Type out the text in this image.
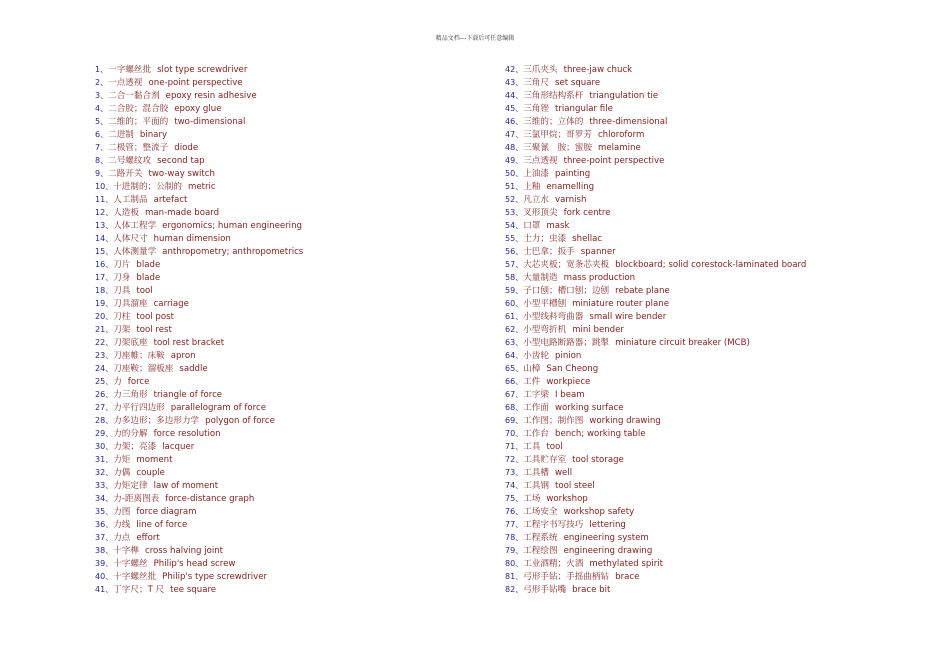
精品文档---下载后可任意编辑
1、一字螺丝批 slot type screwdriver
2、一点透视 one-point perspective
3、二合一黏合剂 epoxy resin adhesive
4、二合胶；混合胶 epoxy glue
5、二维的；平面的 two-dimensional
6、二进制 binary
7、二极管；整流子 diode
8、二号螺纹攻 second tap
9、二路开关 two-way switch
10、十进制的；公制的 metric
11、人工制品 artefact
12、人造板 man-made board
13、人体工程学 ergonomics; human engineering
14、人体尺寸 human dimension
15、人体测量学 anthropometry; anthropometrics
16、刀片 blade
17、刀身 blade
18、刀具 tool
19、刀具溜座 carriage
20、刀柱 tool post
21、刀架 tool rest
22、刀架底座 tool rest bracket
23、刀座帷；床鞍 apron
24、刀座鞍；溜板座 saddle
25、力 force
26、力三角形 triangle of force
27、力平行四边形 parallelogram of force
28、力多边形；多边形力学 polygon of force
29、力的分解 force resolution
30、力架；亮漆 lacquer
31、力矩 moment
32、力偶 couple
33、力矩定律 law of moment
34、力-距离图表 force-distance graph
35、力图 force diagram
36、力线 line of force
37、力点 effort
38、十字榫 cross halving joint
39、十字螺丝 Philip's head screw
40、十字螺丝批 Philip's type screwdriver
41、丁字尺；T 尺 tee square
42、三爪夹头 three-jaw chuck
43、三角尺 set square
44、三角形结构系杆 triangulation tie
45、三角锉 triangular file
46、三维的；立体的 three-dimensional
47、三氯甲烷；哥罗芳 chloroform
48、三聚氰　胺；蜜胺 melamine
49、三点透视 three-point perspective
50、上油漆 painting
51、上釉 enamelling
52、凡立水 varnish
53、叉形顶尖 fork centre
54、口罩 mask
55、士力；虫漆 shellac
56、士巴拿；扳手 spanner
57、大芯夹板；宽条芯夹板 blockboard; solid corestock-laminated board
58、大量制造 mass production
59、子口刨；槽口刨；边刨 rebate plane
60、小型平槽刨 miniature router plane
61、小型线料弯曲器 small wire bender
62、小型弯折机 mini bender
63、小型电路断路器；跳掣 miniature circuit breaker (MCB)
64、小齿轮 pinion
65、山樟 San Cheong
66、工件 workpiece
67、工字梁 I beam
68、工作面 working surface
69、工作图；制作图 working drawing
70、工作台 bench; working table
71、工具 tool
72、工具贮存室 tool storage
73、工具槽 well
74、工具钢 tool steel
75、工场 workshop
76、工场安全 workshop safety
77、工程字书写技巧 lettering
78、工程系统 engineering system
79、工程绘图 engineering drawing
80、工业酒精；火酒 methylated spirit
81、弓形手钻；手摇曲柄钻 brace
82、弓形手钻嘴 brace bit
